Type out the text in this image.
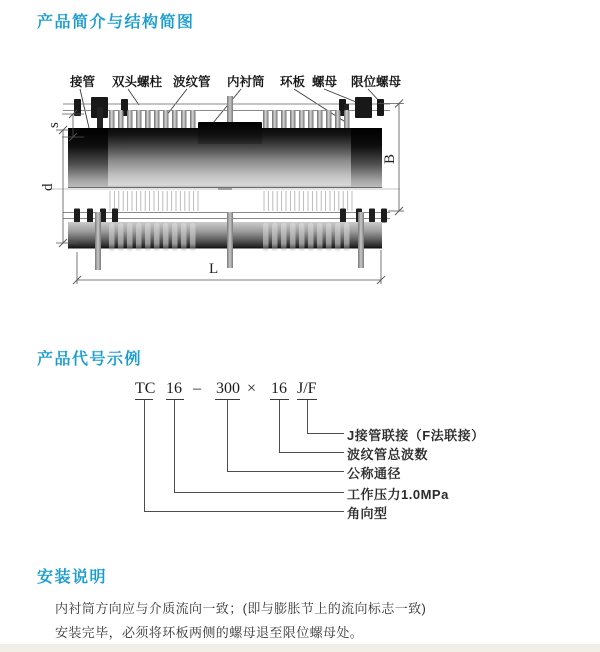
产品简介与结构简图
产品代号示例
安装说明
接管 双头螺柱 波纹管 内衬筒 环板 螺母 限位螺母
s
d
B
L
TC 16 – 300 × 16 J/F
J接管联接（F法联接）
波纹管总波数
公称通径
工作压力1.0MPa
角向型
内衬筒方向应与介质流向一致；(即与膨胀节上的流向标志一致)
安装完毕，必须将环板两侧的螺母退至限位螺母处。
